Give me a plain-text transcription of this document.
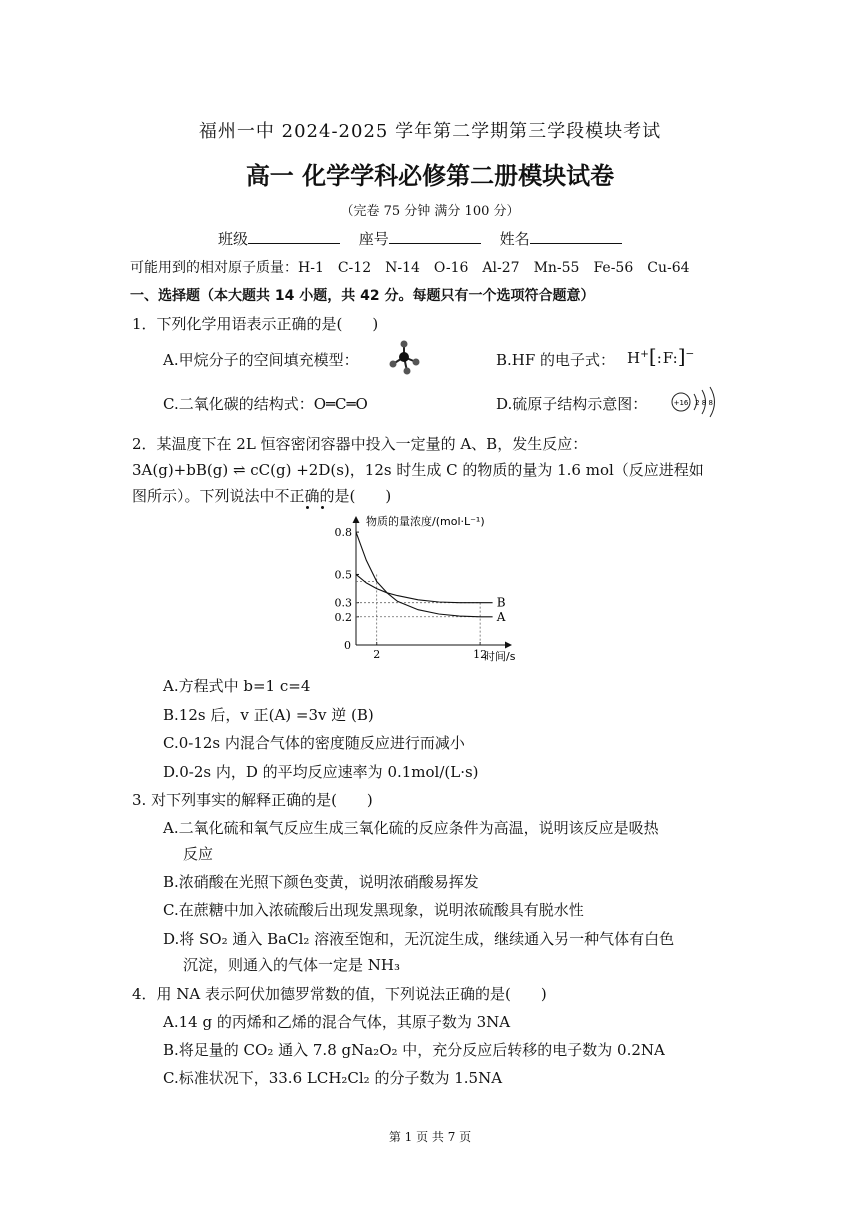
福州一中 2024-2025 学年第二学期第三学段模块考试
高一 化学学科必修第二册模块试卷
（完卷 75 分钟 满分 100 分）
班级	座号	姓名
可能用到的相对原子质量：H-1　C-12　N-14　O-16　Al-27　Mn-55　Fe-56　Cu-64
一、选择题（本大题共 14 小题，共 42 分。每题只有一个选项符合题意）
1．下列化学用语表示正确的是(　　)
A.甲烷分子的空间填充模型：	B.HF 的电子式： H+[:F:]−
C.二氧化碳的结构式：O═C═O	D.硫原子结构示意图：	+16 2 8 8
2．某温度下在 2L 恒容密闭容器中投入一定量的 A、B，发生反应：
3A(g)+bB(g) ⇌ cC(g) +2D(s)，12s 时生成 C 的物质的量为 1.6 mol（反应进程如
图所示）。下列说法中不正确的是(　　)
物质的量浓度/(mol·L⁻¹)
时间/s
0
0.8
0.5
0.3
0.2
2	12
A
B
A.方程式中 b=1 c=4
B.12s 后，v 正(A) =3v 逆 (B)
C.0-12s 内混合气体的密度随反应进行而减小
D.0-2s 内，D 的平均反应速率为 0.1mol/(L·s)
3. 对下列事实的解释正确的是(　　)
A.二氧化硫和氧气反应生成三氧化硫的反应条件为高温，说明该反应是吸热
反应
B.浓硝酸在光照下颜色变黄，说明浓硝酸易挥发
C.在蔗糖中加入浓硫酸后出现发黑现象，说明浓硫酸具有脱水性
D.将 SO₂ 通入 BaCl₂ 溶液至饱和，无沉淀生成，继续通入另一种气体有白色
沉淀，则通入的气体一定是 NH₃
4．用 NA 表示阿伏加德罗常数的值，下列说法正确的是(　　)
A.14 g 的丙烯和乙烯的混合气体，其原子数为 3NA
B.将足量的 CO₂ 通入 7.8 gNa₂O₂ 中，充分反应后转移的电子数为 0.2NA
C.标准状况下，33.6 LCH₂Cl₂ 的分子数为 1.5NA
第 1 页 共 7 页
